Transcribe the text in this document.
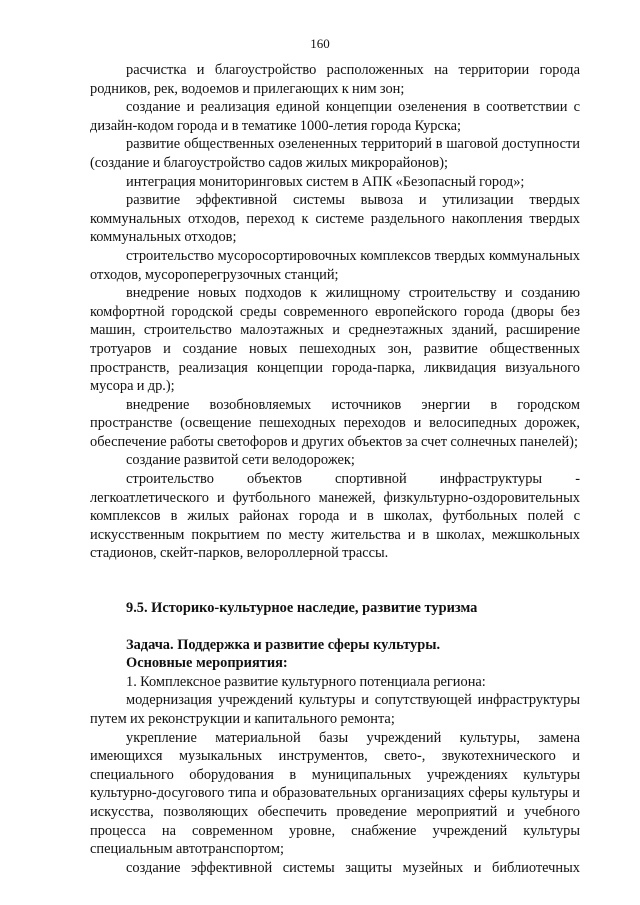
160

расчистка и благоустройство расположенных на территории города родников, рек, водоемов и прилегающих к ним зон;

создание и реализация единой концепции озеленения в соответствии с дизайн-кодом города и в тематике 1000-летия города Курска;

развитие общественных озелененных территорий в шаговой доступности (создание и благоустройство садов жилых микрорайонов);

интеграция мониторинговых систем в АПК «Безопасный город»;

развитие эффективной системы вывоза и утилизации твердых коммунальных отходов, переход к системе раздельного накопления твердых коммунальных отходов;

строительство мусоросортировочных комплексов твердых коммунальных отходов, мусороперегрузочных станций;

внедрение новых подходов к жилищному строительству и созданию комфортной городской среды современного европейского города (дворы без машин, строительство малоэтажных и среднеэтажных зданий, расширение тротуаров и создание новых пешеходных зон, развитие общественных пространств, реализация концепции города-парка, ликвидация визуального мусора и др.);

внедрение возобновляемых источников энергии в городском пространстве (освещение пешеходных переходов и велосипедных дорожек, обеспечение работы светофоров и других объектов за счет солнечных панелей);

создание развитой сети велодорожек;

строительство объектов спортивной инфраструктуры - легкоатлетического и футбольного манежей, физкультурно-оздоровительных комплексов в жилых районах города и в школах, футбольных полей с искусственным покрытием по месту жительства и в школах, межшкольных стадионов, скейт-парков, велороллерной трассы.

9.5. Историко-культурное наследие, развитие туризма

Задача. Поддержка и развитие сферы культуры.

Основные мероприятия:

1. Комплексное развитие культурного потенциала региона:

модернизация учреждений культуры и сопутствующей инфраструктуры путем их реконструкции и капитального ремонта;

укрепление материальной базы учреждений культуры, замена имеющихся музыкальных инструментов, свето-, звукотехнического и специального оборудования в муниципальных учреждениях культуры культурно-досугового типа и образовательных организациях сферы культуры и искусства, позволяющих обеспечить проведение мероприятий и учебного процесса на современном уровне, снабжение учреждений культуры специальным автотранспортом;

создание эффективной системы защиты музейных и библиотечных
